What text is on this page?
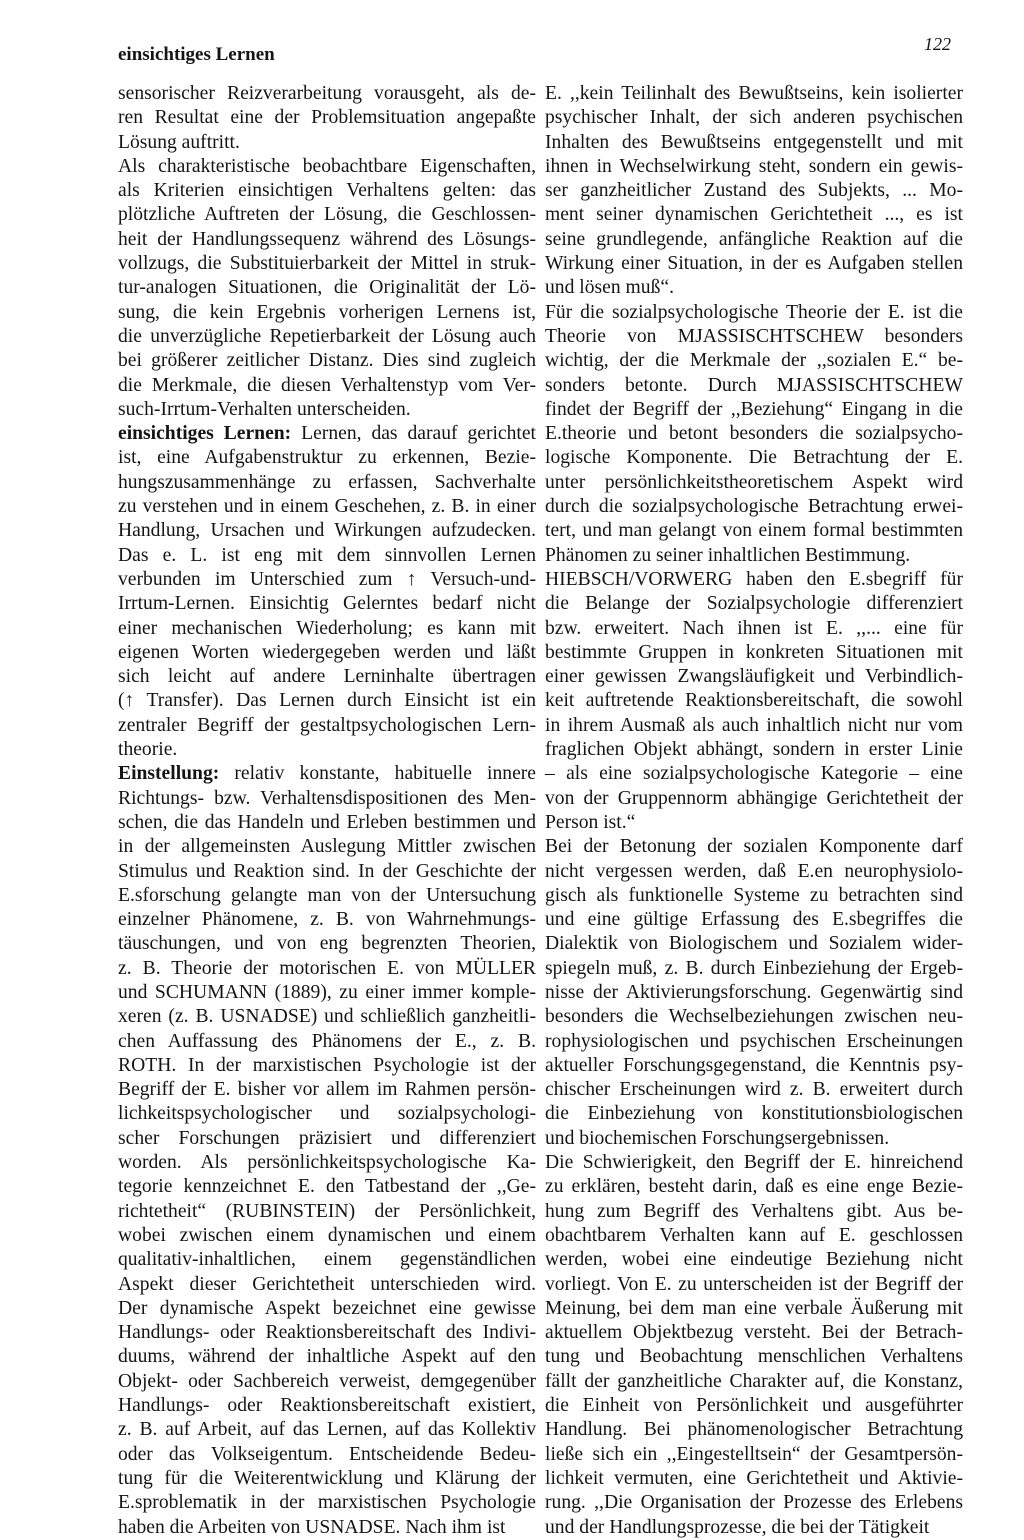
einsichtiges Lernen	122

sensorischer Reizverarbeitung vorausgeht, als de-
ren Resultat eine der Problemsituation angepaßte
Lösung auftritt.

Als charakteristische beobachtbare Eigenschaften,
als Kriterien einsichtigen Verhaltens gelten: das
plötzliche Auftreten der Lösung, die Geschlossen-
heit der Handlungssequenz während des Lösungs-
vollzugs, die Substituierbarkeit der Mittel in struk-
tur-analogen Situationen, die Originalität der Lö-
sung, die kein Ergebnis vorherigen Lernens ist,
die unverzügliche Repetierbarkeit der Lösung auch
bei größerer zeitlicher Distanz. Dies sind zugleich
die Merkmale, die diesen Verhaltenstyp vom Ver-
such-Irrtum-Verhalten unterscheiden.

einsichtiges Lernen: Lernen, das darauf gerichtet
ist, eine Aufgabenstruktur zu erkennen, Bezie-
hungszusammenhänge zu erfassen, Sachverhalte
zu verstehen und in einem Geschehen, z. B. in einer
Handlung, Ursachen und Wirkungen aufzudecken.
Das e. L. ist eng mit dem sinnvollen Lernen
verbunden im Unterschied zum ↑ Versuch-und-
Irrtum-Lernen. Einsichtig Gelerntes bedarf nicht
einer mechanischen Wiederholung; es kann mit
eigenen Worten wiedergegeben werden und läßt
sich leicht auf andere Lerninhalte übertragen
(↑ Transfer). Das Lernen durch Einsicht ist ein
zentraler Begriff der gestaltpsychologischen Lern-
theorie.

Einstellung: relativ konstante, habituelle innere
Richtungs- bzw. Verhaltensdispositionen des Men-
schen, die das Handeln und Erleben bestimmen und
in der allgemeinsten Auslegung Mittler zwischen
Stimulus und Reaktion sind. In der Geschichte der
E.sforschung gelangte man von der Untersuchung
einzelner Phänomene, z. B. von Wahrnehmungs-
täuschungen, und von eng begrenzten Theorien,
z. B. Theorie der motorischen E. von MÜLLER
und SCHUMANN (1889), zu einer immer komple-
xeren (z. B. USNADSE) und schließlich ganzheitli-
chen Auffassung des Phänomens der E., z. B.
ROTH. In der marxistischen Psychologie ist der
Begriff der E. bisher vor allem im Rahmen persön-
lichkeitspsychologischer und sozialpsychologi-
scher Forschungen präzisiert und differenziert
worden. Als persönlichkeitspsychologische Ka-
tegorie kennzeichnet E. den Tatbestand der ,,Ge-
richtetheit“ (RUBINSTEIN) der Persönlichkeit,
wobei zwischen einem dynamischen und einem
qualitativ-inhaltlichen, einem gegenständlichen
Aspekt dieser Gerichtetheit unterschieden wird.
Der dynamische Aspekt bezeichnet eine gewisse
Handlungs- oder Reaktionsbereitschaft des Indivi-
duums, während der inhaltliche Aspekt auf den
Objekt- oder Sachbereich verweist, demgegenüber
Handlungs- oder Reaktionsbereitschaft existiert,
z. B. auf Arbeit, auf das Lernen, auf das Kollektiv
oder das Volkseigentum. Entscheidende Bedeu-
tung für die Weiterentwicklung und Klärung der
E.sproblematik in der marxistischen Psychologie
haben die Arbeiten von USNADSE. Nach ihm ist

E. ,,kein Teilinhalt des Bewußtseins, kein isolierter
psychischer Inhalt, der sich anderen psychischen
Inhalten des Bewußtseins entgegenstellt und mit
ihnen in Wechselwirkung steht, sondern ein gewis-
ser ganzheitlicher Zustand des Subjekts, ... Mo-
ment seiner dynamischen Gerichtetheit ..., es ist
seine grundlegende, anfängliche Reaktion auf die
Wirkung einer Situation, in der es Aufgaben stellen
und lösen muß“.

Für die sozialpsychologische Theorie der E. ist die
Theorie von MJASSISCHTSCHEW besonders
wichtig, der die Merkmale der ,,sozialen E.“ be-
sonders betonte. Durch MJASSISCHTSCHEW
findet der Begriff der ,,Beziehung“ Eingang in die
E.theorie und betont besonders die sozialpsycho-
logische Komponente. Die Betrachtung der E.
unter persönlichkeitstheoretischem Aspekt wird
durch die sozialpsychologische Betrachtung erwei-
tert, und man gelangt von einem formal bestimmten
Phänomen zu seiner inhaltlichen Bestimmung.

HIEBSCH/VORWERG haben den E.sbegriff für
die Belange der Sozialpsychologie differenziert
bzw. erweitert. Nach ihnen ist E. ,,... eine für
bestimmte Gruppen in konkreten Situationen mit
einer gewissen Zwangsläufigkeit und Verbindlich-
keit auftretende Reaktionsbereitschaft, die sowohl
in ihrem Ausmaß als auch inhaltlich nicht nur vom
fraglichen Objekt abhängt, sondern in erster Linie
– als eine sozialpsychologische Kategorie – eine
von der Gruppennorm abhängige Gerichtetheit der
Person ist.“

Bei der Betonung der sozialen Komponente darf
nicht vergessen werden, daß E.en neurophysiolo-
gisch als funktionelle Systeme zu betrachten sind
und eine gültige Erfassung des E.sbegriffes die
Dialektik von Biologischem und Sozialem wider-
spiegeln muß, z. B. durch Einbeziehung der Ergeb-
nisse der Aktivierungsforschung. Gegenwärtig sind
besonders die Wechselbeziehungen zwischen neu-
rophysiologischen und psychischen Erscheinungen
aktueller Forschungsgegenstand, die Kenntnis psy-
chischer Erscheinungen wird z. B. erweitert durch
die Einbeziehung von konstitutionsbiologischen
und biochemischen Forschungsergebnissen.

Die Schwierigkeit, den Begriff der E. hinreichend
zu erklären, besteht darin, daß es eine enge Bezie-
hung zum Begriff des Verhaltens gibt. Aus be-
obachtbarem Verhalten kann auf E. geschlossen
werden, wobei eine eindeutige Beziehung nicht
vorliegt. Von E. zu unterscheiden ist der Begriff der
Meinung, bei dem man eine verbale Äußerung mit
aktuellem Objektbezug versteht. Bei der Betrach-
tung und Beobachtung menschlichen Verhaltens
fällt der ganzheitliche Charakter auf, die Konstanz,
die Einheit von Persönlichkeit und ausgeführter
Handlung. Bei phänomenologischer Betrachtung
ließe sich ein ,,Eingestelltsein“ der Gesamtpersön-
lichkeit vermuten, eine Gerichtetheit und Aktivie-
rung. ,,Die Organisation der Prozesse des Erlebens
und der Handlungsprozesse, die bei der Tätigkeit
